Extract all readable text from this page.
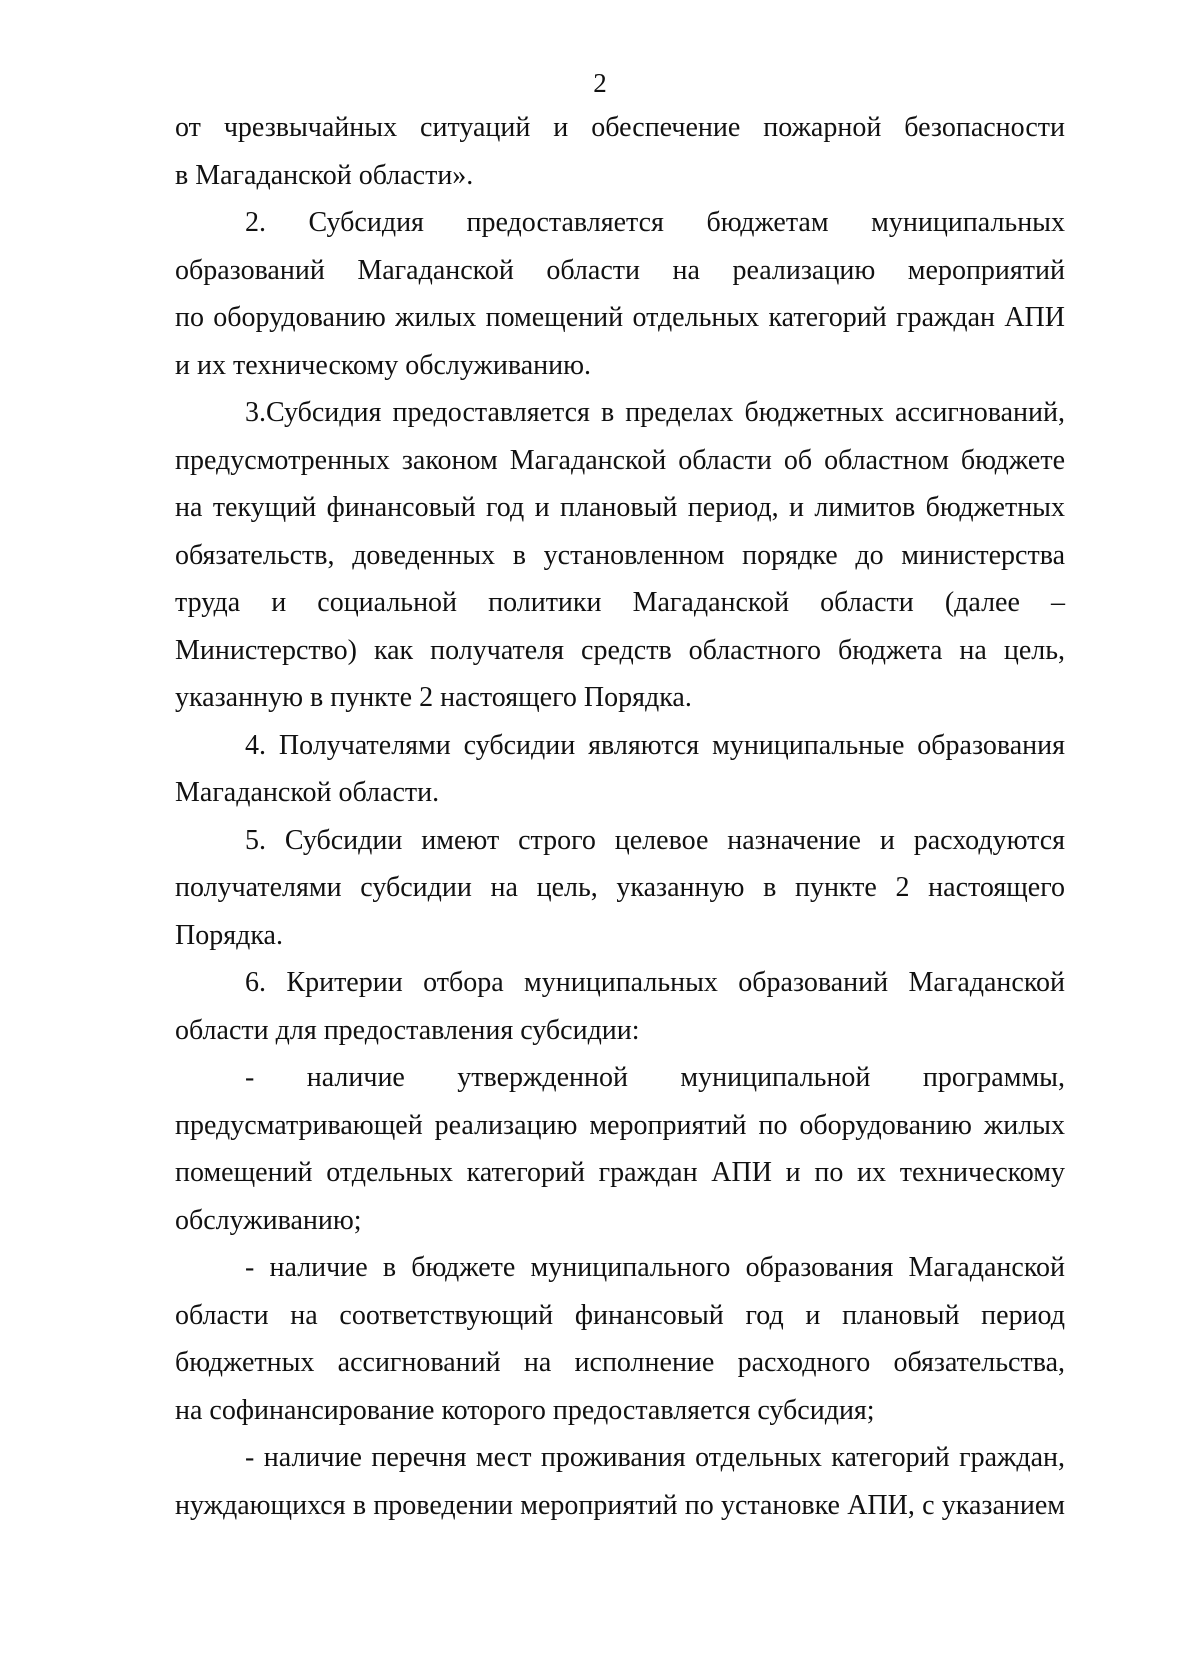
2
от чрезвычайных ситуаций и обеспечение пожарной безопасности
в Магаданской области».
2. Субсидия предоставляется бюджетам муниципальных
образований Магаданской области на реализацию мероприятий
по оборудованию жилых помещений отдельных категорий граждан АПИ
и их техническому обслуживанию.
3.Субсидия предоставляется в пределах бюджетных ассигнований,
предусмотренных законом Магаданской области об областном бюджете
на текущий финансовый год и плановый период, и лимитов бюджетных
обязательств, доведенных в установленном порядке до министерства
труда и социальной политики Магаданской области (далее –
Министерство) как получателя средств областного бюджета на цель,
указанную в пункте 2 настоящего Порядка.
4. Получателями субсидии являются муниципальные образования
Магаданской области.
5. Субсидии имеют строго целевое назначение и расходуются
получателями субсидии на цель, указанную в пункте 2 настоящего
Порядка.
6. Критерии отбора муниципальных образований Магаданской
области для предоставления субсидии:
- наличие утвержденной муниципальной программы,
предусматривающей реализацию мероприятий по оборудованию жилых
помещений отдельных категорий граждан АПИ и по их техническому
обслуживанию;
- наличие в бюджете муниципального образования Магаданской
области на соответствующий финансовый год и плановый период
бюджетных ассигнований на исполнение расходного обязательства,
на софинансирование которого предоставляется субсидия;
- наличие перечня мест проживания отдельных категорий граждан,
нуждающихся в проведении мероприятий по установке АПИ, с указанием
